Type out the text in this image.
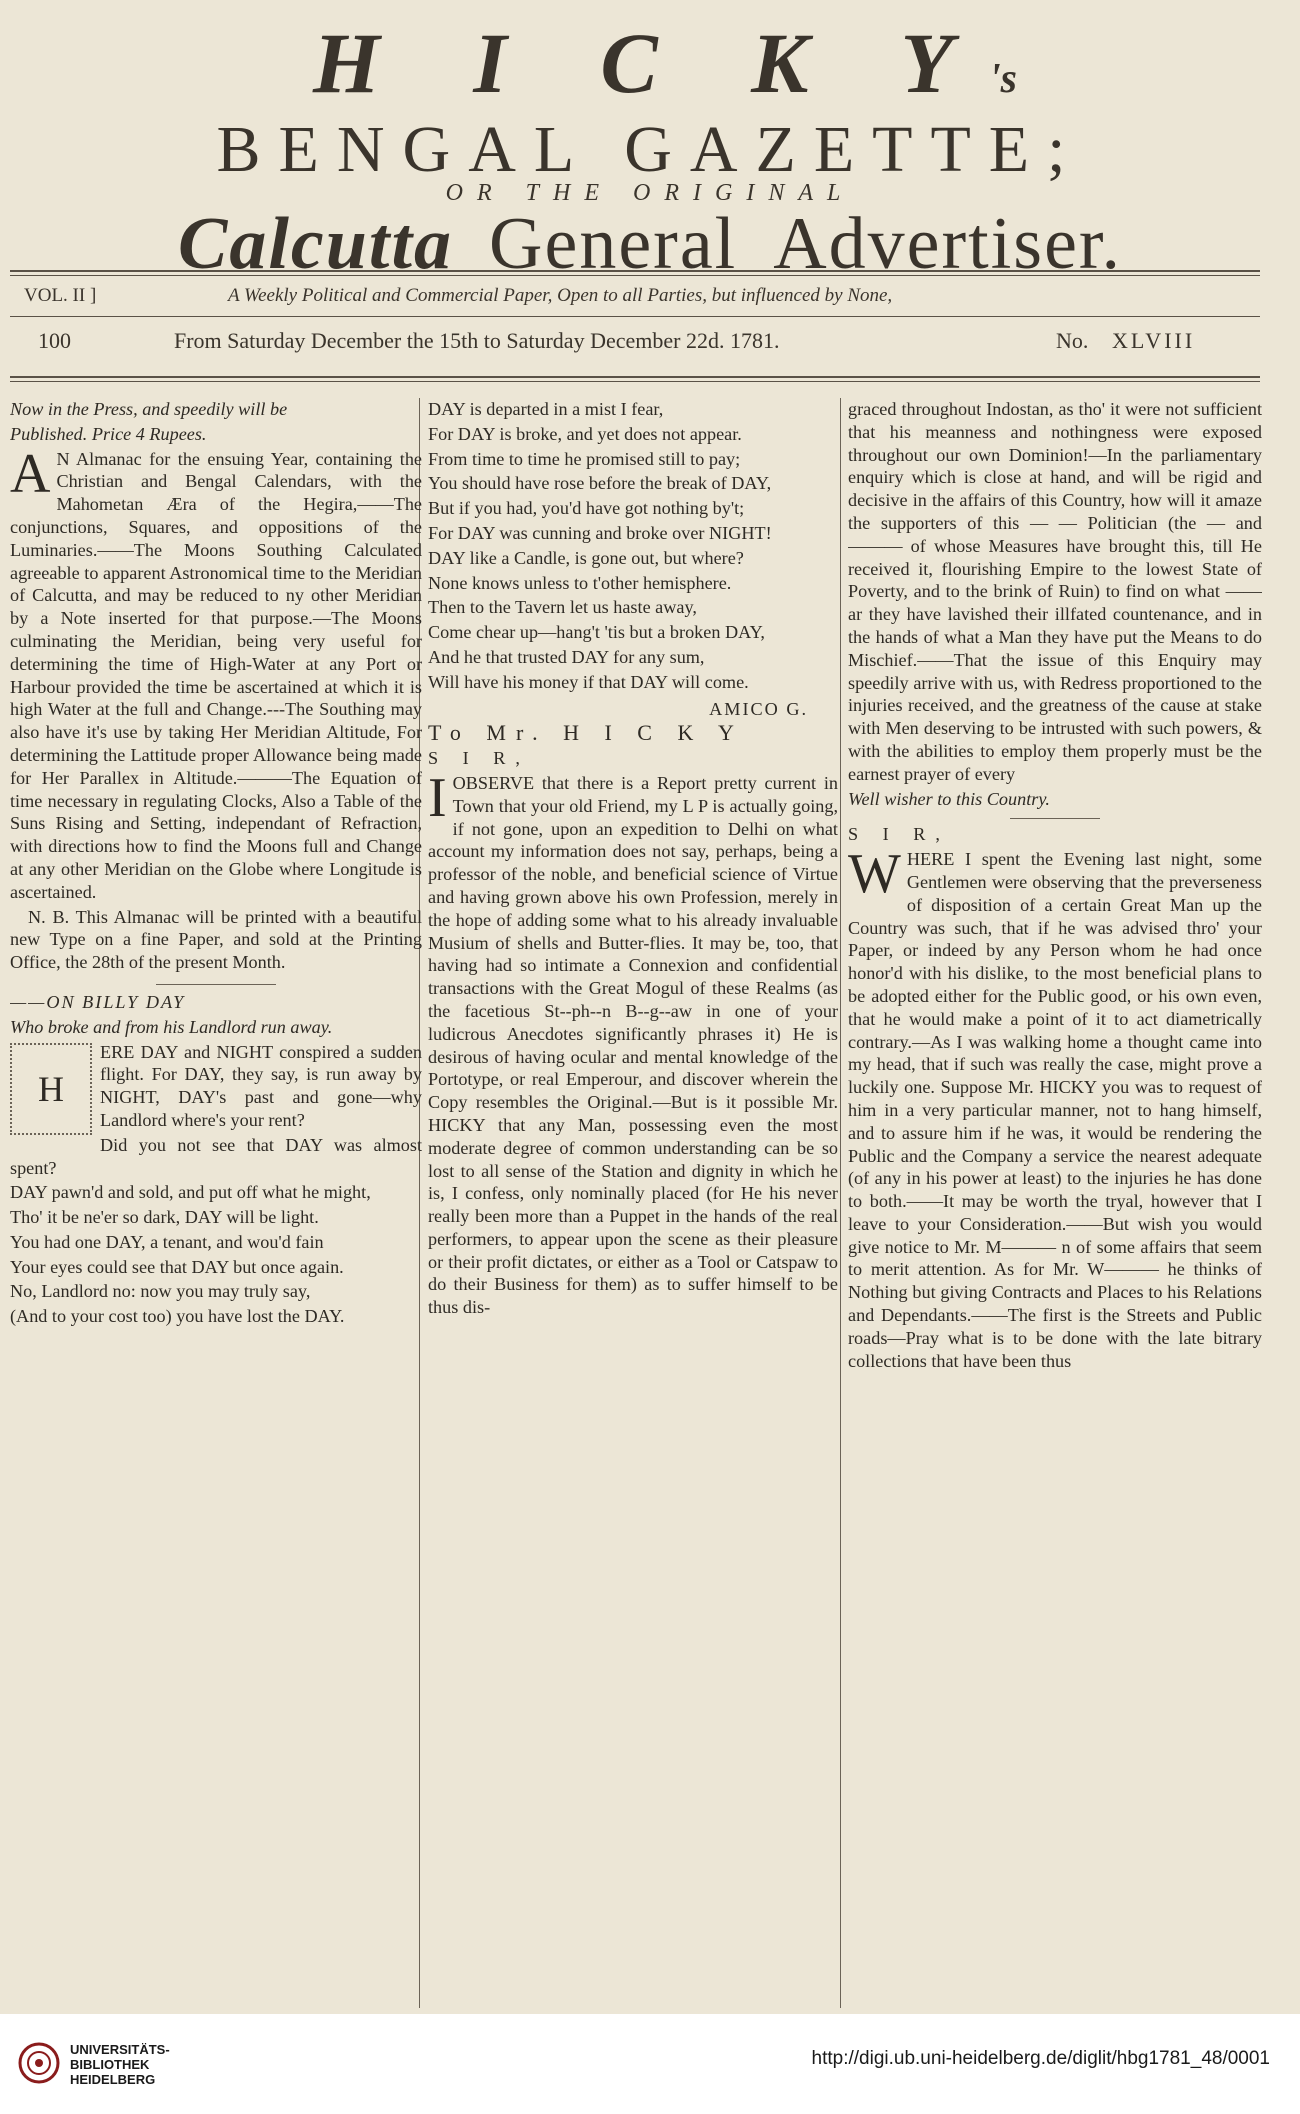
H I C K Y's
BENGAL GAZETTE;
OR THE ORIGINAL
Calcutta General Advertiser.
VOL. II ]	A Weekly Political and Commercial Paper, Open to all Parties, but influenced by None,
100	From Saturday December the 15th to Saturday December 22d. 1781.	No. XLVIII

Now in the Press, and speedily will be

Published. Price 4 Rupees.

A N Almanac for the ensuing Year, containing the Christian and Bengal Calendars, with the Mahometan Æra of the Hegira,——The conjunctions, Squares, and oppositions of the Luminaries.——The Moons Southing Calculated agreeable to apparent Astronomical time to the Meridian of Calcutta, and may be reduced to ny other Meridian by a Note inserted for that purpose.—The Moons culminating the Meridian, being very useful for determining the time of High-Water at any Port or Harbour provided the time be ascertained at which it is high Water at the full and Change.---The Southing may also have it's use by taking Her Meridian Altitude, For determining the Lattitude proper Allowance being made for Her Parallex in Altitude.———The Equation of time necessary in regulating Clocks, Also a Table of the Suns Rising and Setting, independant of Refraction, with directions how to find the Moons full and Change at any other Meridian on the Globe where Longitude is ascertained.

N. B. This Almanac will be printed with a beautiful new Type on a fine Paper, and sold at the Printing Office, the 28th of the present Month.

——ON BILLY DAY

Who broke and from his Landlord run away.

H
ERE DAY and NIGHT conspired a sudden flight. For DAY, they say, is run away by NIGHT, DAY's past and gone—why Landlord where's your rent?

Did you not see that DAY was almost spent?

DAY pawn'd and sold, and put off what he might,

Tho' it be ne'er so dark, DAY will be light.

You had one DAY, a tenant, and wou'd fain

Your eyes could see that DAY but once again.

No, Landlord no: now you may truly say,

(And to your cost too) you have lost the DAY.

DAY is departed in a mist I fear,

For DAY is broke, and yet does not appear.

From time to time he promised still to pay;

You should have rose before the break of DAY,

But if you had, you'd have got nothing by't;

For DAY was cunning and broke over NIGHT!

DAY like a Candle, is gone out, but where?

None knows unless to t'other hemisphere.

Then to the Tavern let us haste away,

Come chear up—hang't 'tis but a broken DAY,

And he that trusted DAY for any sum,

Will have his money if that DAY will come.

AMICO G.

To Mr. H I C K Y

S I R,

IOBSERVE that there is a Report pretty current in Town that your old Friend, my L P is actually going, if not gone, upon an expedition to Delhi on what account my information does not say, perhaps, being a professor of the noble, and beneficial science of Virtue and having grown above his own Profession, merely in the hope of adding some what to his already invaluable Musium of shells and Butter-flies. It may be, too, that having had so intimate a Connexion and confidential transactions with the Great Mogul of these Realms (as the facetious St--ph--n B--g--aw in one of your ludicrous Anecdotes significantly phrases it) He is desirous of having ocular and mental knowledge of the Portotype, or real Emperour, and discover wherein the Copy resembles the Original.—But is it possible Mr. HICKY that any Man, possessing even the most moderate degree of common understanding can be so lost to all sense of the Station and dignity in which he is, I confess, only nominally placed (for He his never really been more than a Puppet in the hands of the real performers, to appear upon the scene as their pleasure or their profit dictates, or either as a Tool or Catspaw to do their Business for them) as to suffer himself to be thus dis-

graced throughout Indostan, as tho' it were not sufficient that his meanness and nothingness were exposed throughout our own Dominion!—In the parliamentary enquiry which is close at hand, and will be rigid and decisive in the affairs of this Country, how will it amaze the supporters of this — — Politician (the — and ——— of whose Measures have brought this, till He received it, flourishing Empire to the lowest State of Poverty, and to the brink of Ruin) to find on what —— ar they have lavished their illfated countenance, and in the hands of what a Man they have put the Means to do Mischief.——That the issue of this Enquiry may speedily arrive with us, with Redress proportioned to the injuries received, and the greatness of the cause at stake with Men deserving to be intrusted with such powers, & with the abilities to employ them properly must be the earnest prayer of every

Well wisher to this Country.

S I R,

WHERE I spent the Evening last night, some Gentlemen were observing that the preverseness of disposition of a certain Great Man up the Country was such, that if he was advised thro' your Paper, or indeed by any Person whom he had once honor'd with his dislike, to the most beneficial plans to be adopted either for the Public good, or his own even, that he would make a point of it to act diametrically contrary.—As I was walking home a thought came into my head, that if such was really the case, might prove a luckily one. Suppose Mr. HICKY you was to request of him in a very particular manner, not to hang himself, and to assure him if he was, it would be rendering the Public and the Company a service the nearest adequate (of any in his power at least) to the injuries he has done to both.——It may be worth the tryal, however that I leave to your Consideration.——But wish you would give notice to Mr. M——— n of some affairs that seem to merit attention. As for Mr. W——— he thinks of Nothing but giving Contracts and Places to his Relations and Dependants.——The first is the Streets and Public roads—Pray what is to be done with the late bitrary collections that have been thus

UNIVERSITÄTS-
BIBLIOTHEK
HEIDELBERG
http://digi.ub.uni-heidelberg.de/diglit/hbg1781_48/0001
